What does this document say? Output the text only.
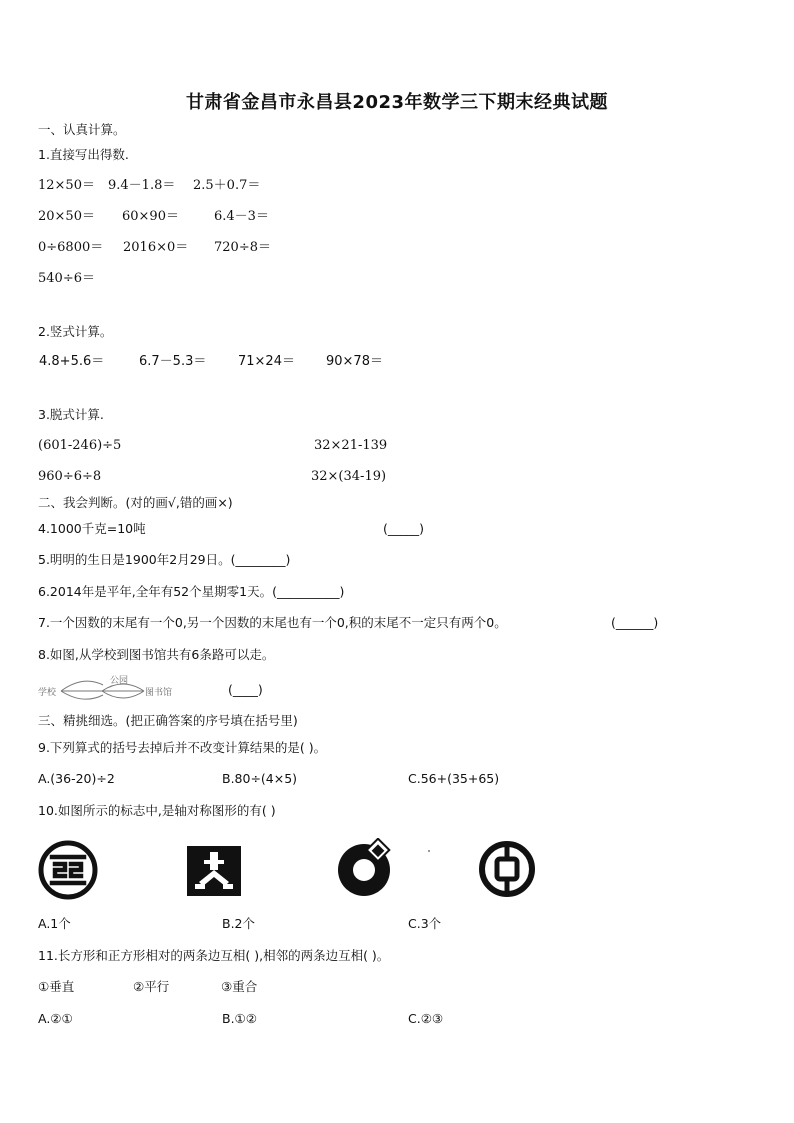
甘肃省金昌市永昌县2023年数学三下期末经典试题
一、认真计算。
1.直接写出得数.
12×50＝ 9.4－1.8＝ 2.5＋0.7＝
20×50＝ 60×90＝	6.4－3＝
0÷6800＝ 2016×0＝ 720÷8＝
540÷6＝
2.竖式计算。
4.8+5.6＝	6.7－5.3＝ 71×24＝ 90×78＝
3.脱式计算.
(601-246)÷5	32×21-139
960÷6÷8	32×(34-19)
二、我会判断。(对的画√,错的画×)
4.1000千克=10吨	(_____)
5.明明的生日是1900年2月29日。(________)
6.2014年是平年,全年有52个星期零1天。(__________)
7.一个因数的末尾有一个0,另一个因数的末尾也有一个0,积的末尾不一定只有两个0。	(______)
8.如图,从学校到图书馆共有6条路可以走。
学校
公园
图书馆	(____)
三、精挑细选。(把正确答案的序号填在括号里)
9.下列算式的括号去掉后并不改变计算结果的是( )。
A.(36-20)÷2	B.80÷(4×5)	C.56+(35+65)
10.如图所示的标志中,是轴对称图形的有( )
A.1个	B.2个	C.3个
11.长方形和正方形相对的两条边互相( ),相邻的两条边互相( )。
①垂直	②平行	③重合
A.②①	B.①②	C.②③
